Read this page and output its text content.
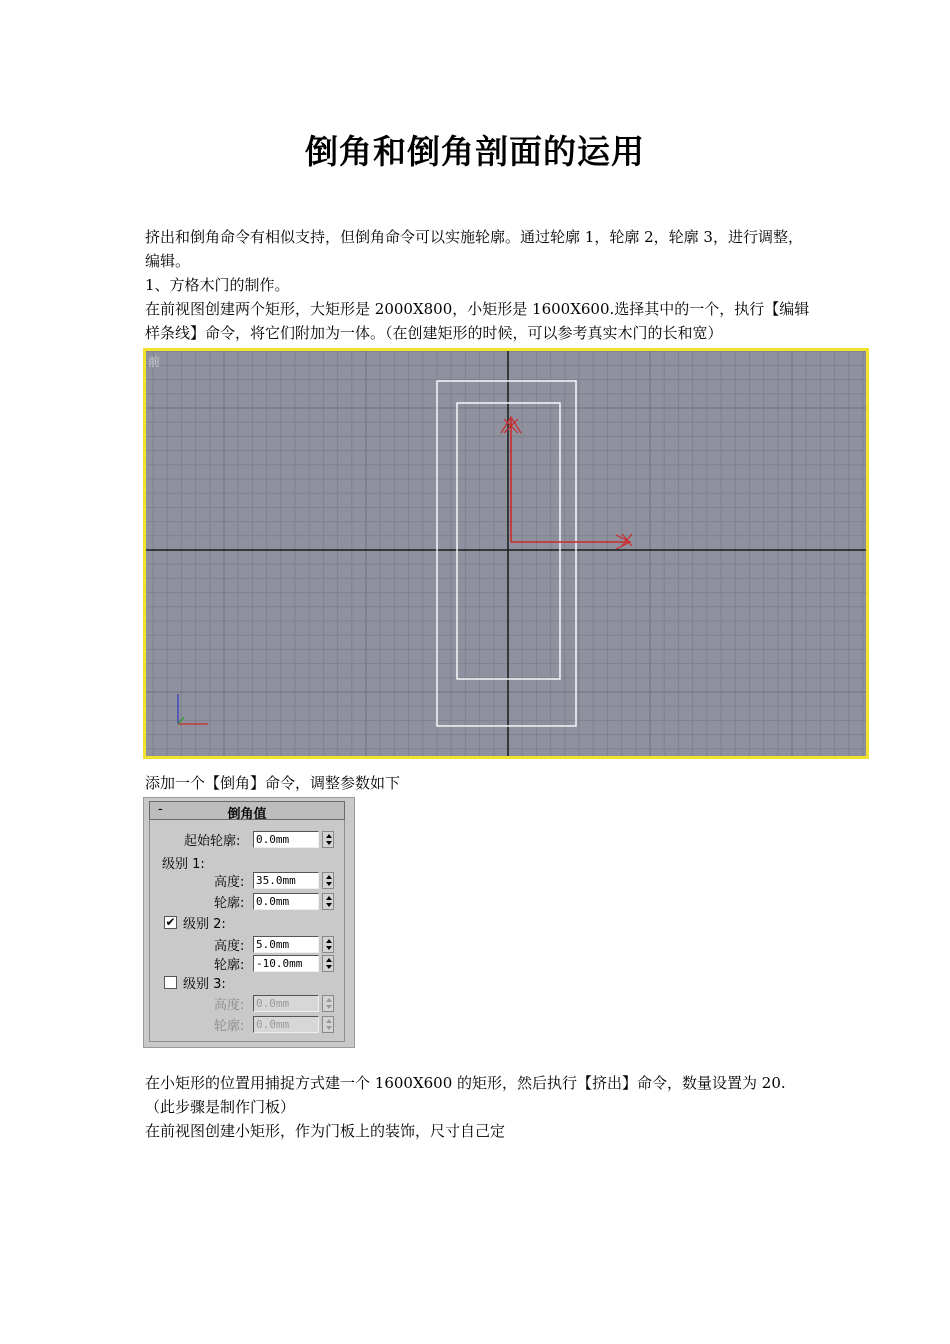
倒角和倒角剖面的运用

挤出和倒角命令有相似支持，但倒角命令可以实施轮廓。通过轮廓 1，轮廓 2，轮廓 3，进行调整，编辑。

1、方格木门的制作。

在前视图创建两个矩形，大矩形是 2000X800，小矩形是 1600X600.选择其中的一个，执行【编辑样条线】命令，将它们附加为一体。（在创建矩形的时候，可以参考真实木门的长和宽）

前

添加一个【倒角】命令，调整参数如下

-	倒角值
起始轮廓: 0.0mm
级别 1:
高度: 35.0mm
轮廓: 0.0mm
✔ 级别 2:
高度: 5.0mm
轮廓: -10.0mm
级别 3:
高度: 0.0mm
轮廓: 0.0mm

在小矩形的位置用捕捉方式建一个 1600X600 的矩形，然后执行【挤出】命令，数量设置为 20.（此步骤是制作门板）

在前视图创建小矩形，作为门板上的装饰，尺寸自己定
